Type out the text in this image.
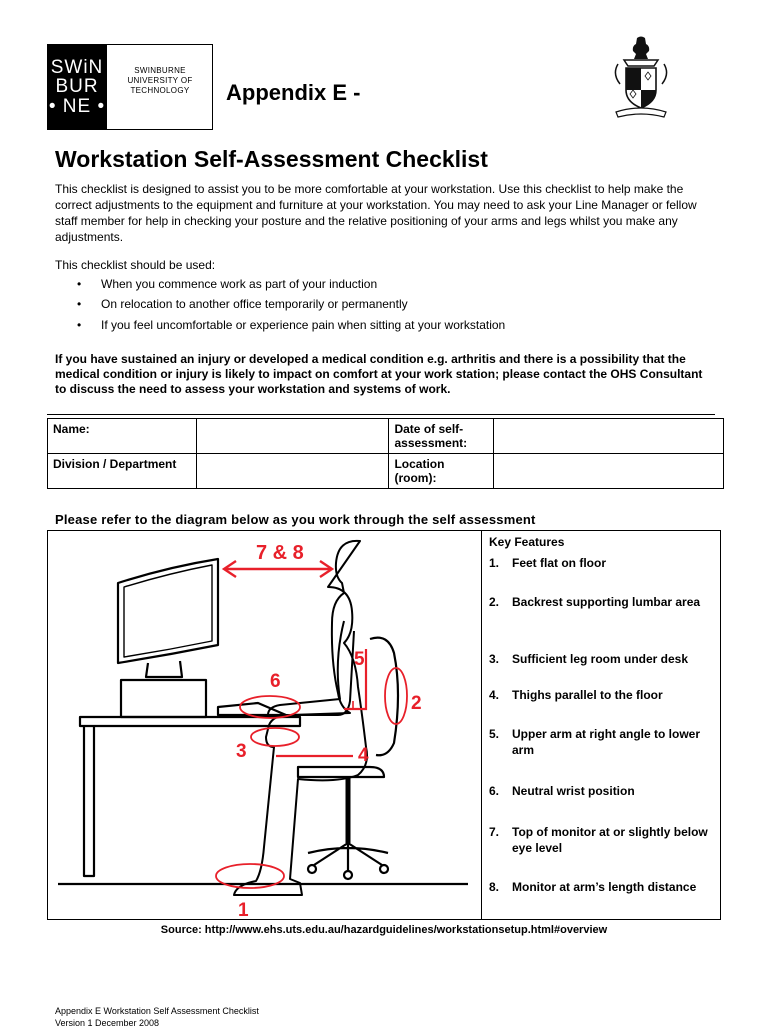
SWiN
BUR
• NE •
SWINBURNE
UNIVERSITY OF
TECHNOLOGY	Appendix E -
Workstation Self-Assessment Checklist
This checklist is designed to assist you to be more comfortable at your workstation. Use this checklist to help make the correct adjustments to the equipment and furniture at your workstation. You may need to ask your Line Manager or fellow staff member for help in checking your posture and the relative positioning of your arms and legs whilst you make any adjustments.
This checklist should be used:
• When you commence work as part of your induction
• On relocation to another office temporarily or permanently
• If you feel uncomfortable or experience pain when sitting at your workstation
If you have sustained an injury or developed a medical condition e.g. arthritis and there is a possibility that the medical condition or injury is likely to impact on comfort at your work station; please contact the OHS Consultant to discuss the need to assess your workstation and systems of work.
Name:		Date of self-assessment:	
Division / Department		Location (room):	
Please refer to the diagram below as you work through the self assessment
7 & 8
1
2
3	4
5
6
Key Features
1. Feet flat on floor
2. Backrest supporting lumbar area
3. Sufficient leg room under desk
4. Thighs parallel to the floor
5. Upper arm at right angle to lower arm
6. Neutral wrist position
7. Top of monitor at or slightly below eye level
8. Monitor at arm’s length distance
Source: http://www.ehs.uts.edu.au/hazardguidelines/workstationsetup.html#overview
Appendix E Workstation Self Assessment Checklist
Version 1 December 2008
